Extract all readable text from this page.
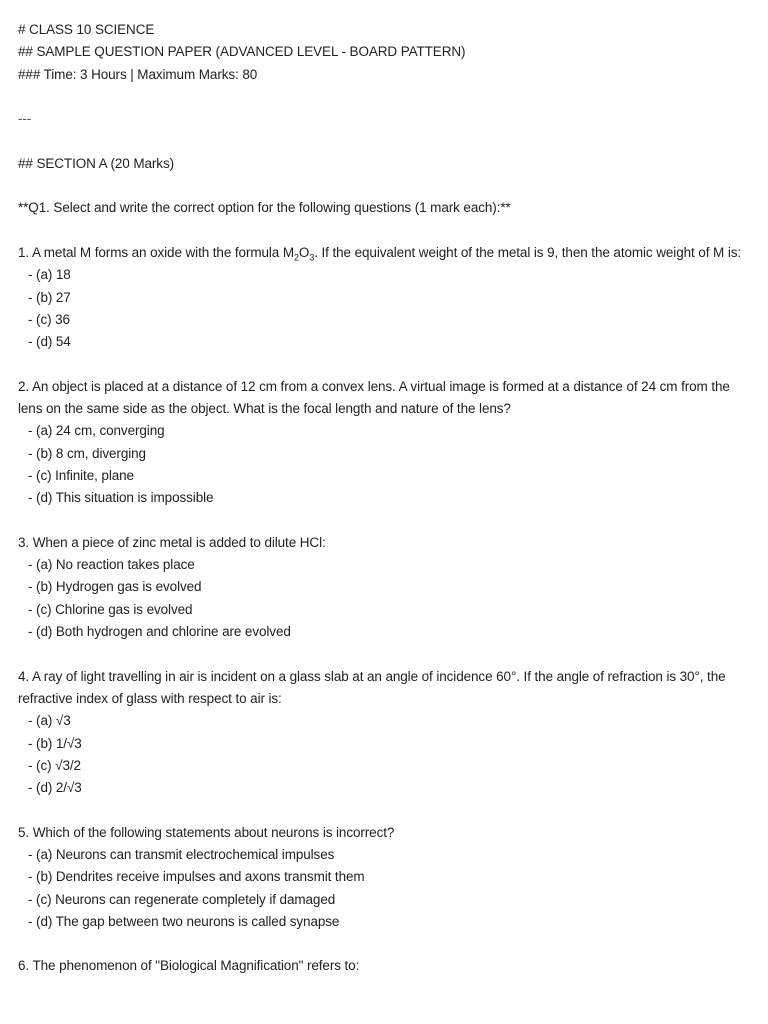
# CLASS 10 SCIENCE
## SAMPLE QUESTION PAPER (ADVANCED LEVEL - BOARD PATTERN)
### Time: 3 Hours | Maximum Marks: 80
---
## SECTION A (20 Marks)
**Q1. Select and write the correct option for the following questions (1 mark each):**
1. A metal M forms an oxide with the formula $M_2O_3$. If the equivalent weight of the metal is 9, then the atomic weight of M is:
- (a) 18
- (b) 27
- (c) 36
- (d) 54
2. An object is placed at a distance of 12 cm from a convex lens. A virtual image is formed at a distance of 24 cm from the lens on the same side as the object. What is the focal length and nature of the lens?
- (a) 24 cm, converging
- (b) 8 cm, diverging
- (c) Infinite, plane
- (d) This situation is impossible
3. When a piece of zinc metal is added to dilute HCl:
- (a) No reaction takes place
- (b) Hydrogen gas is evolved
- (c) Chlorine gas is evolved
- (d) Both hydrogen and chlorine are evolved
4. A ray of light travelling in air is incident on a glass slab at an angle of incidence 60°. If the angle of refraction is 30°, the refractive index of glass with respect to air is:
- (a) √3
- (b) 1/√3
- (c) √3/2
- (d) 2/√3
5. Which of the following statements about neurons is incorrect?
- (a) Neurons can transmit electrochemical impulses
- (b) Dendrites receive impulses and axons transmit them
- (c) Neurons can regenerate completely if damaged
- (d) The gap between two neurons is called synapse
6. The phenomenon of "Biological Magnification" refers to:
